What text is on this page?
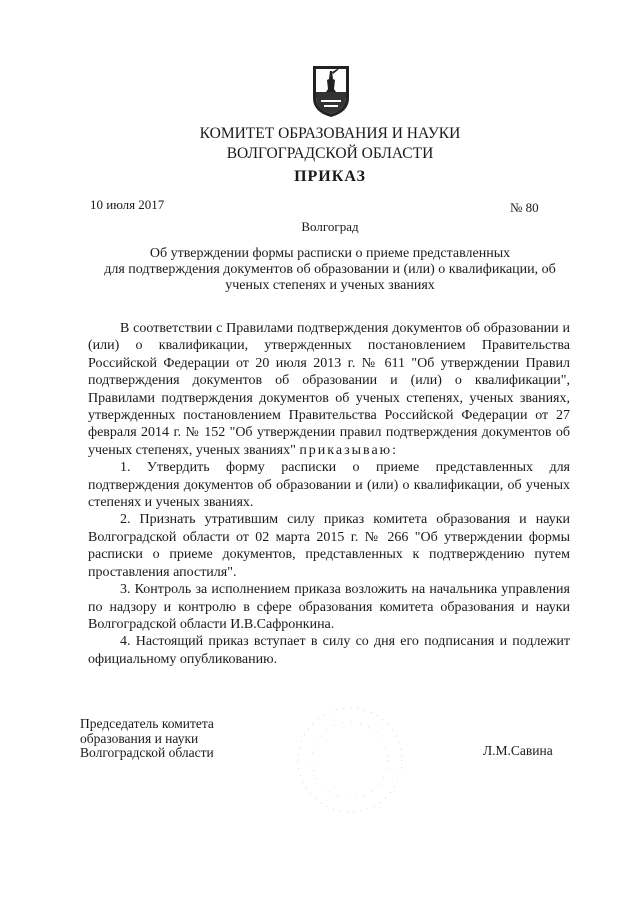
КОМИТЕТ ОБРАЗОВАНИЯ И НАУКИ
ВОЛГОГРАДСКОЙ ОБЛАСТИ
ПРИКАЗ
10 июля 2017	№ 80
Волгоград
Об утверждении формы расписки о приеме представленных
для подтверждения документов об образовании и (или) о квалификации, об
ученых степенях и ученых званиях

В соответствии с Правилами подтверждения документов об образовании и (или) о квалификации, утвержденных постановлением Правительства Российской Федерации от 20 июля 2013 г. № 611 "Об утверждении Правил подтверждения документов об образовании и (или) о квалификации", Правилами подтверждения документов об ученых степенях, ученых званиях, утвержденных постановлением Правительства Российской Федерации от 27 февраля 2014 г. № 152 "Об утверждении правил подтверждения документов об ученых степенях, ученых званиях" приказываю:

1. Утвердить форму расписки о приеме представленных для подтверждения документов об образовании и (или) о квалификации, об ученых степенях и ученых званиях.

2. Признать утратившим силу приказ комитета образования и науки Волгоградской области от 02 марта 2015 г. № 266 "Об утверждении формы расписки о приеме документов, представленных к подтверждению путем проставления апостиля".

3. Контроль за исполнением приказа возложить на начальника управления по надзору и контролю в сфере образования комитета образования и науки Волгоградской области И.В.Сафронкина.

4. Настоящий приказ вступает в силу со дня его подписания и подлежит официальному опубликованию.

Председатель комитета
образования и науки
Волгоградской области	Л.М.Савина
